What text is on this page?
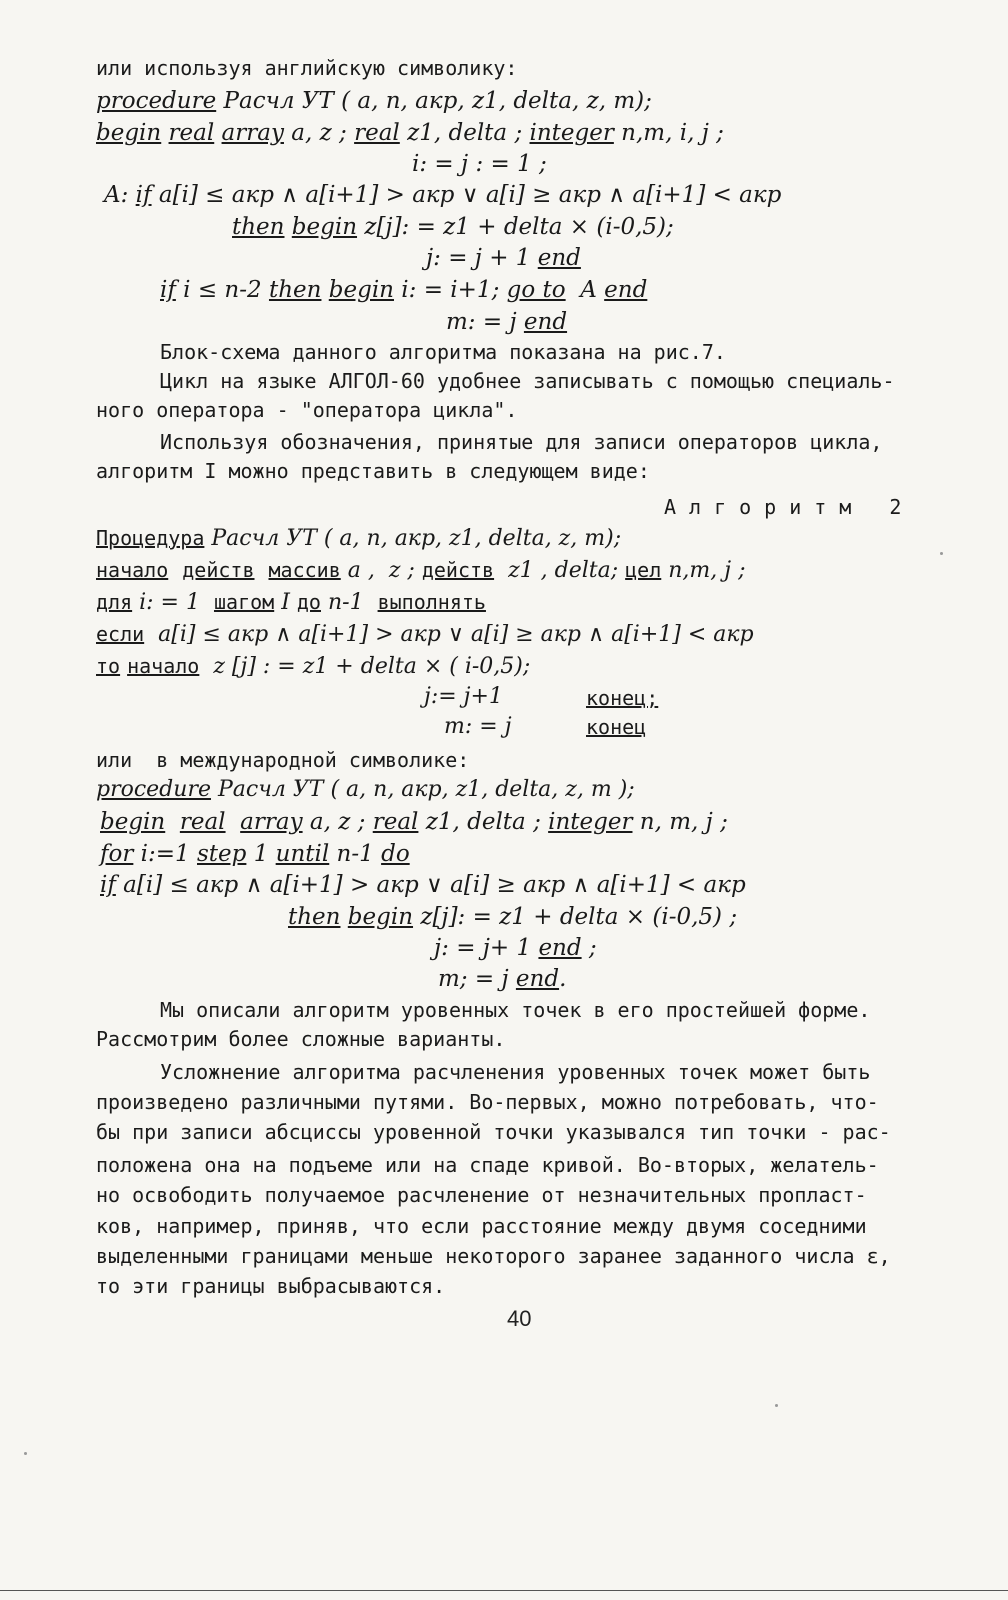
или используя английскую символику:
procedure Расчл УТ ( a, n, акр, z1, delta, z, m);
begin real array a, z ; real z1, delta ; integer n,m, i, j ;
i: = j : = 1 ;
A: if a[i] ≤ акр ∧ a[i+1] > акр ∨ a[i] ≥ акр ∧ a[i+1] < акр
then begin z[j]: = z1 + delta × (i-0,5);
j: = j + 1 end
if i ≤ n-2 then begin i: = i+1; go to  A end
m: = j end
Блок-схема данного алгоритма показана на рис.7.
Цикл на языке АЛГОЛ-60 удобнее записывать с помощью специаль-
ного оператора - "оператора цикла".
Используя обозначения, принятые для записи операторов цикла,
алгоритм I можно представить в следующем виде:
Алгоритм 2
Процедура Расчл УТ ( a, n, акр, z1, delta, z, m);
начало действ массив a ,  z ; действ  z1 , delta; цел n,m, j ;
для i: = 1  шагом I до n-1  выполнять
если  a[i] ≤ акр ∧ a[i+1] > акр ∨ a[i] ≥ акр ∧ a[i+1] < акр
то начало  z [j] : = z1 + delta × ( i-0,5);
j:= j+1	конец;
m: = j	конец
или  в международной символике:
procedure Расчл УТ ( a, n, акр, z1, delta, z, m );
begin real array a, z ; real z1, delta ; integer n, m, j ;
for i:=1 step 1 until n-1 do
if a[i] ≤ акр ∧ a[i+1] > акр ∨ a[i] ≥ акр ∧ a[i+1] < акр
then begin z[j]: = z1 + delta × (i-0,5) ;
j: = j+ 1 end ;
m; = j end.
Мы описали алгоритм уровенных точек в его простейшей форме.
Рассмотрим более сложные варианты.
Усложнение алгоритма расчленения уровенных точек может быть
произведено различными путями. Во-первых, можно потребовать, что-
бы при записи абсциссы уровенной точки указывался тип точки - рас-
положена она на подъеме или на спаде кривой. Во-вторых, желатель-
но освободить получаемое расчленение от незначительных пропласт-
ков, например, приняв, что если расстояние между двумя соседними
выделенными границами меньше некоторого заранее заданного числа ε,
то эти границы выбрасываются.
40
